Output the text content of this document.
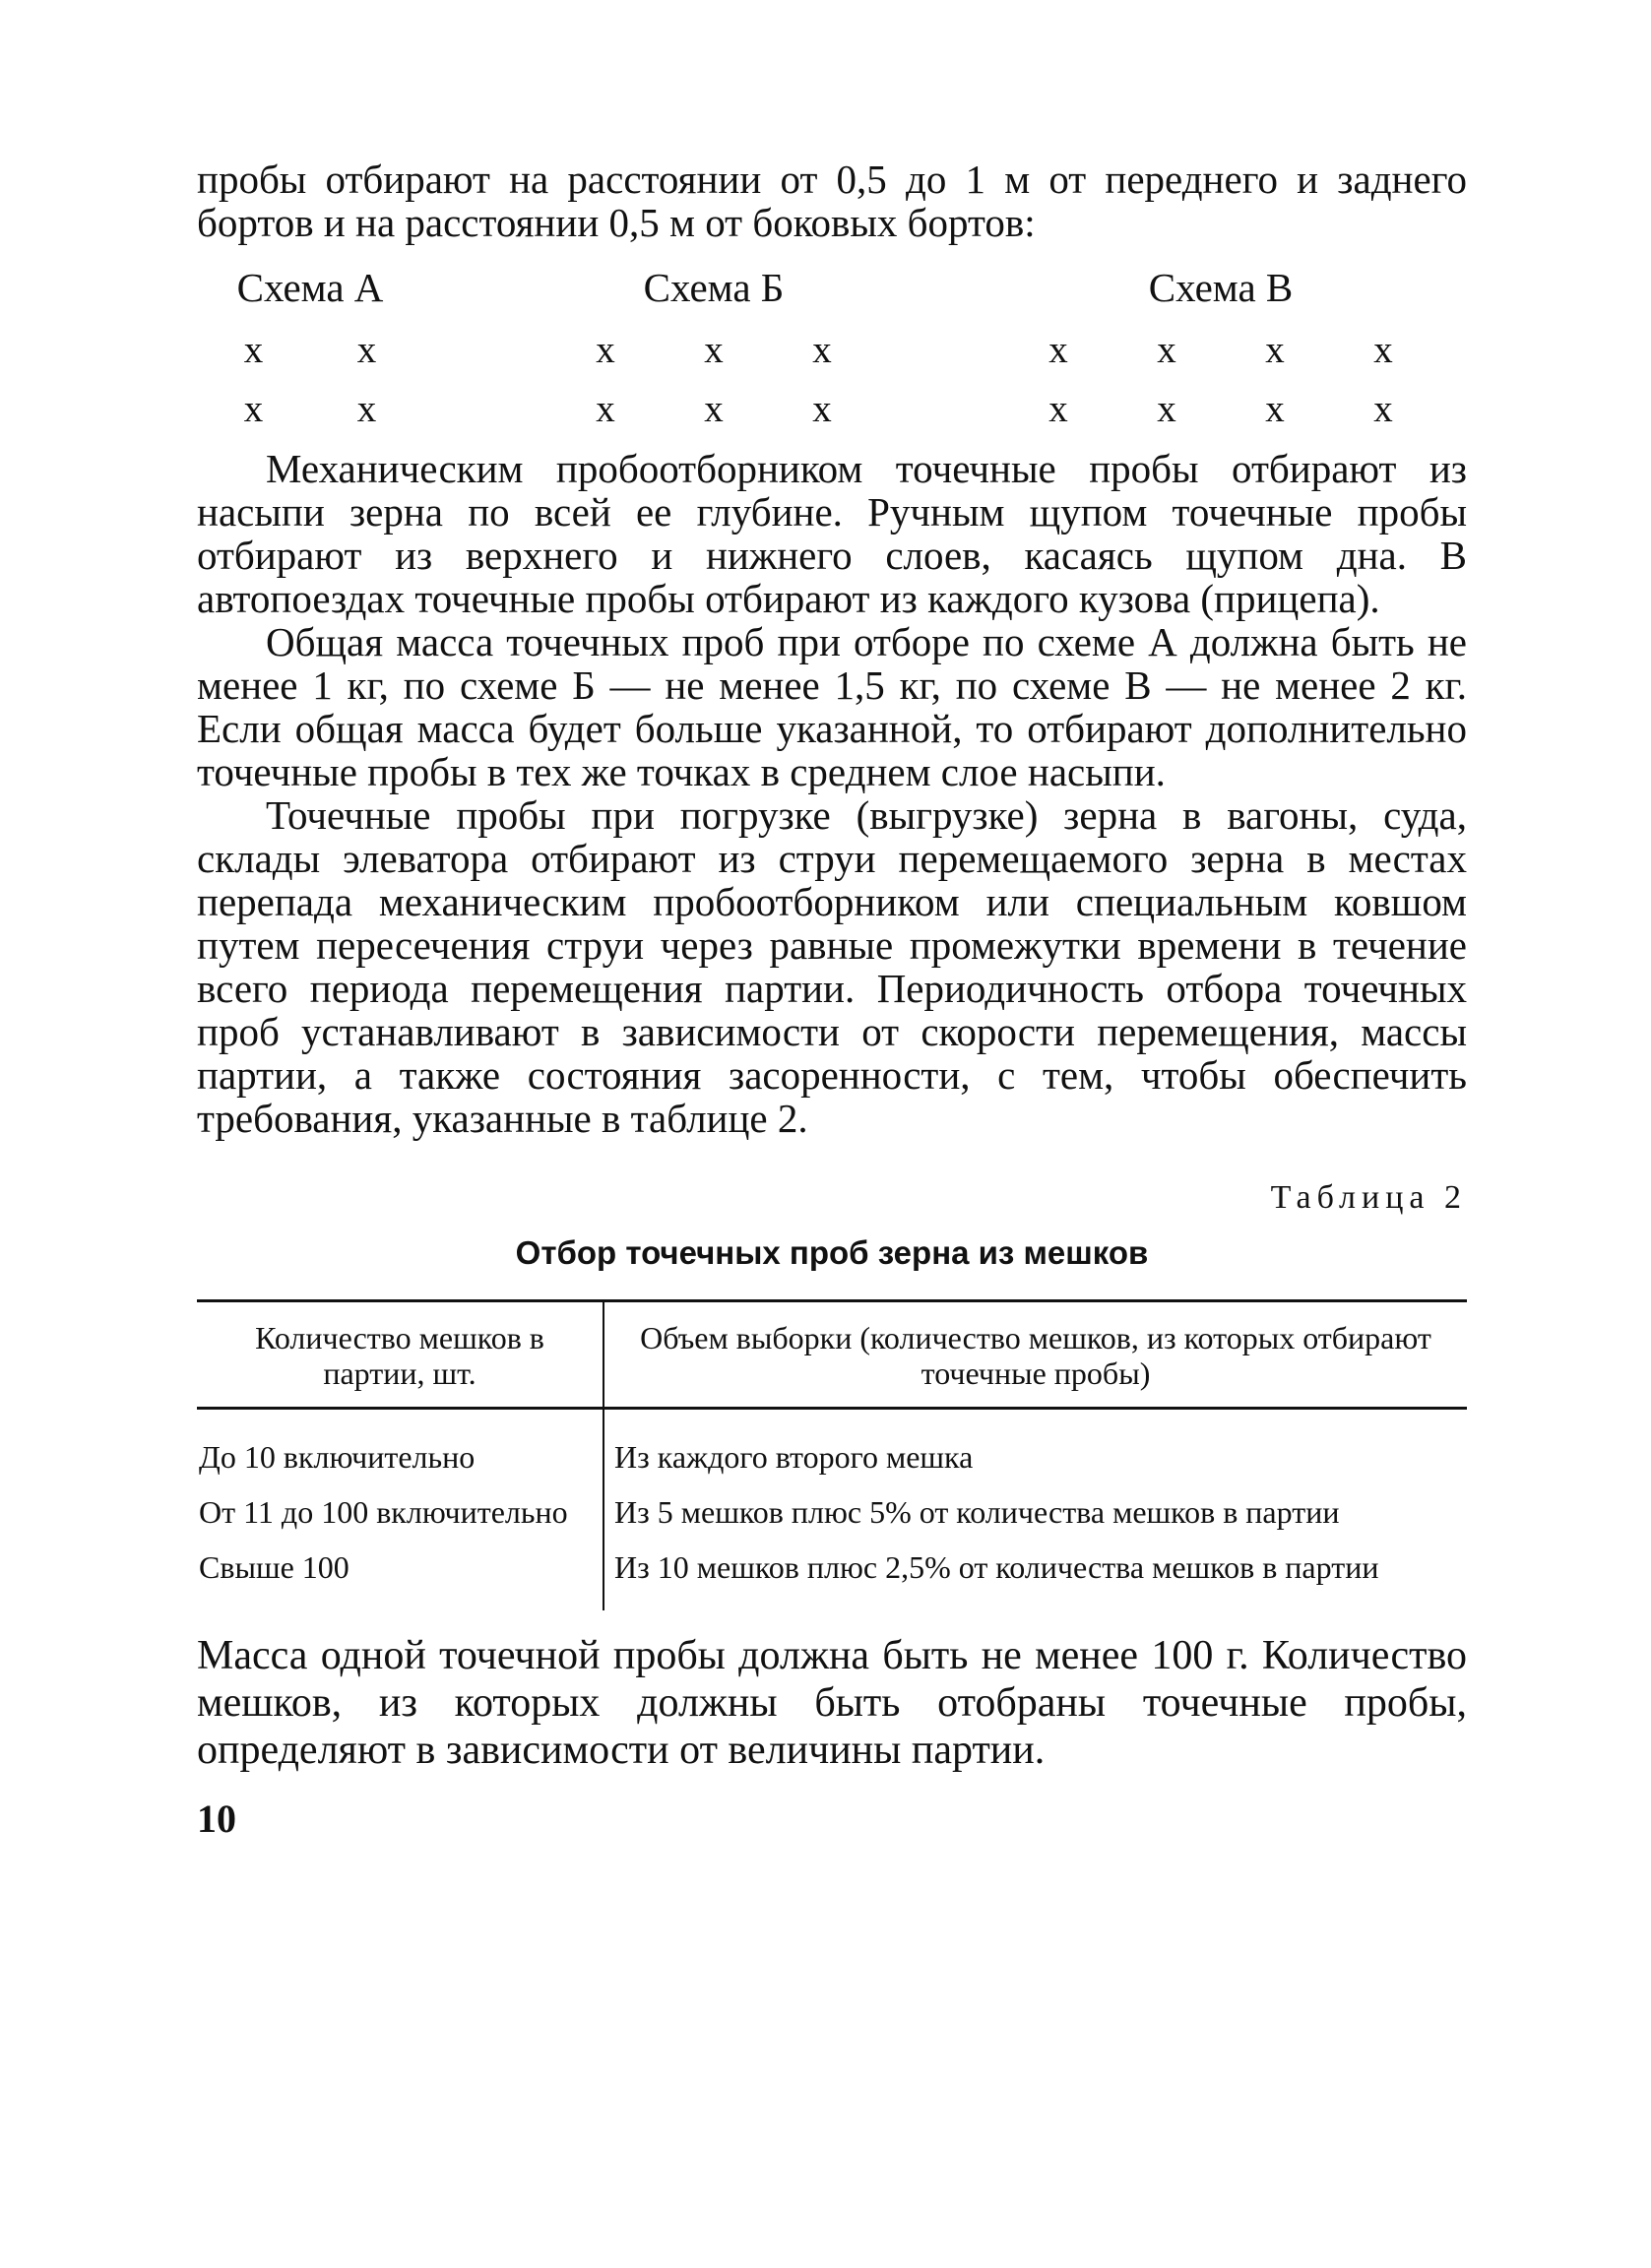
пробы отбирают на расстоянии от 0,5 до 1 м от переднего и заднего бортов и на расстоянии 0,5 м от боковых бортов:

Схема А
х	х
х	х
Схема Б
х	х	х
х	х	х
Схема В
х	х	х	х
х	х	х	х

Механическим пробоотборником точечные пробы отбирают из насыпи зерна по всей ее глубине. Ручным щупом точечные пробы отбирают из верхнего и нижнего слоев, касаясь щупом дна. В автопоездах точечные пробы отбирают из каждого кузова (прицепа).

Общая масса точечных проб при отборе по схеме А должна быть не менее 1 кг, по схеме Б — не менее 1,5 кг, по схеме В — не менее 2 кг. Если общая масса будет больше указанной, то отбирают дополнительно точечные пробы в тех же точках в среднем слое насыпи.

Точечные пробы при погрузке (выгрузке) зерна в вагоны, суда, склады элеватора отбирают из струи перемещаемого зерна в местах перепада механическим пробоотборником или специальным ковшом путем пересечения струи через равные промежутки времени в течение всего периода перемещения партии. Периодичность отбора точечных проб устанавливают в зависимости от скорости перемещения, массы партии, а также состояния засоренности, с тем, чтобы обеспечить требования, указанные в таблице 2.

Таблица 2
Отбор точечных проб зерна из мешков
Количество мешков в партии, шт.	Объем выборки (количество мешков, из которых отбирают точечные пробы)
До 10 включительно	Из каждого второго мешка
От 11 до 100 включительно	Из 5 мешков плюс 5% от количества мешков в партии
Свыше 100	Из 10 мешков плюс 2,5% от количества мешков в партии

Масса одной точечной пробы должна быть не менее 100 г. Количество мешков, из которых должны быть отобраны точечные пробы, определяют в зависимости от величины партии.

10
